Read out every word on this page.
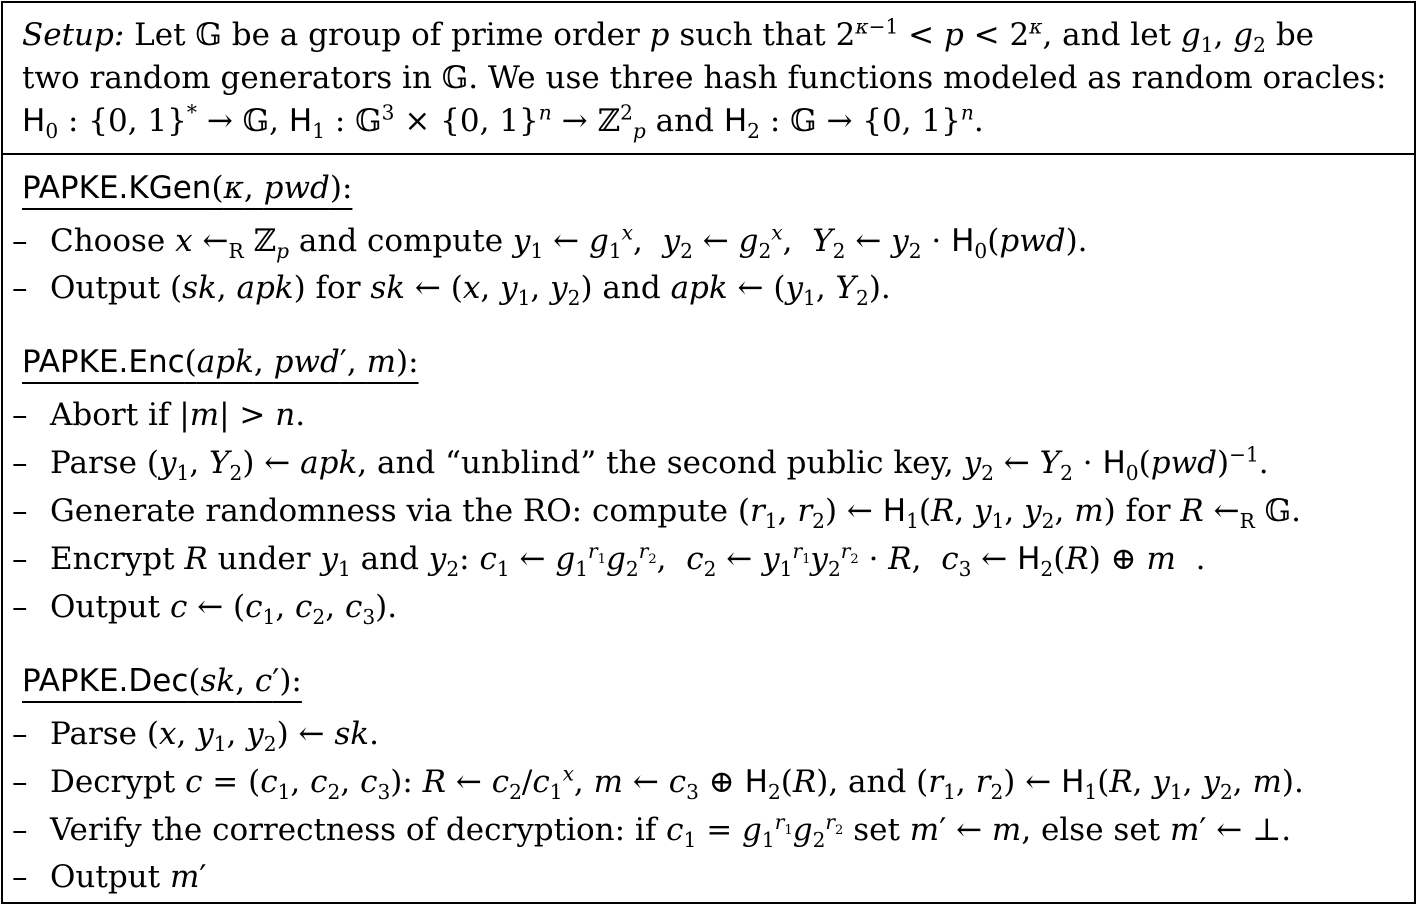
Setup: Let 𝔾 be a group of prime order p such that $2^{\kappa-1} < p < 2^\kappa$, and let $g_1$, $g_2$ be
two random generators in 𝔾. We use three hash functions modeled as random oracles:
$H_0$ : {0, 1}* → 𝔾, $H_1$ : 𝔾$^3$ × {0, 1}$^n$ → ℤ$^2_p$ and $H_2$ : 𝔾 → {0, 1}$^n$.
PAPKE.KGen(κ, pwd):
– Choose x $\leftarrow_R$ ℤ$_p$ and compute $y_1$ ← $g_1^x$,  $y_2$ ← $g_2^x$,  $Y_2$ ← $y_2 \cdot H_0(pwd)$.
– Output (sk, apk) for sk ← (x, $y_1$, $y_2$) and apk ← ($y_1$, $Y_2$).
PAPKE.Enc(apk, pwd′, m):
– Abort if |m| > n.
– Parse ($y_1$, $Y_2$) ← apk, and “unblind” the second public key, $y_2$ ← $Y_2 \cdot H_0(pwd)^{-1}$.
– Generate randomness via the RO: compute ($r_1$, $r_2$) ← $H_1(R$, $y_1$, $y_2$, m) for R $\leftarrow_R$ 𝔾.
– Encrypt R under $y_1$ and $y_2$: $c_1$ ← $g_1^{r_1}g_2^{r_2}$,  $c_2$ ← $y_1^{r_1}y_2^{r_2} \cdot R$,  $c_3$ ← $H_2(R)$ ⊕ m  .
– Output c ← ($c_1$, $c_2$, $c_3$).
PAPKE.Dec(sk, c′):
– Parse (x, $y_1$, $y_2$) ← sk.
– Decrypt $c = (c_1$, $c_2$, $c_3$): R ← $c_2/c_1^x$, m ← $c_3$ ⊕ $H_2(R)$, and ($r_1$, $r_2$) ← $H_1(R$, $y_1$, $y_2$, m).
– Verify the correctness of decryption: if $c_1 = g_1^{r_1}g_2^{r_2}$ set m′ ← m, else set m′ ← ⊥.
– Output m′
